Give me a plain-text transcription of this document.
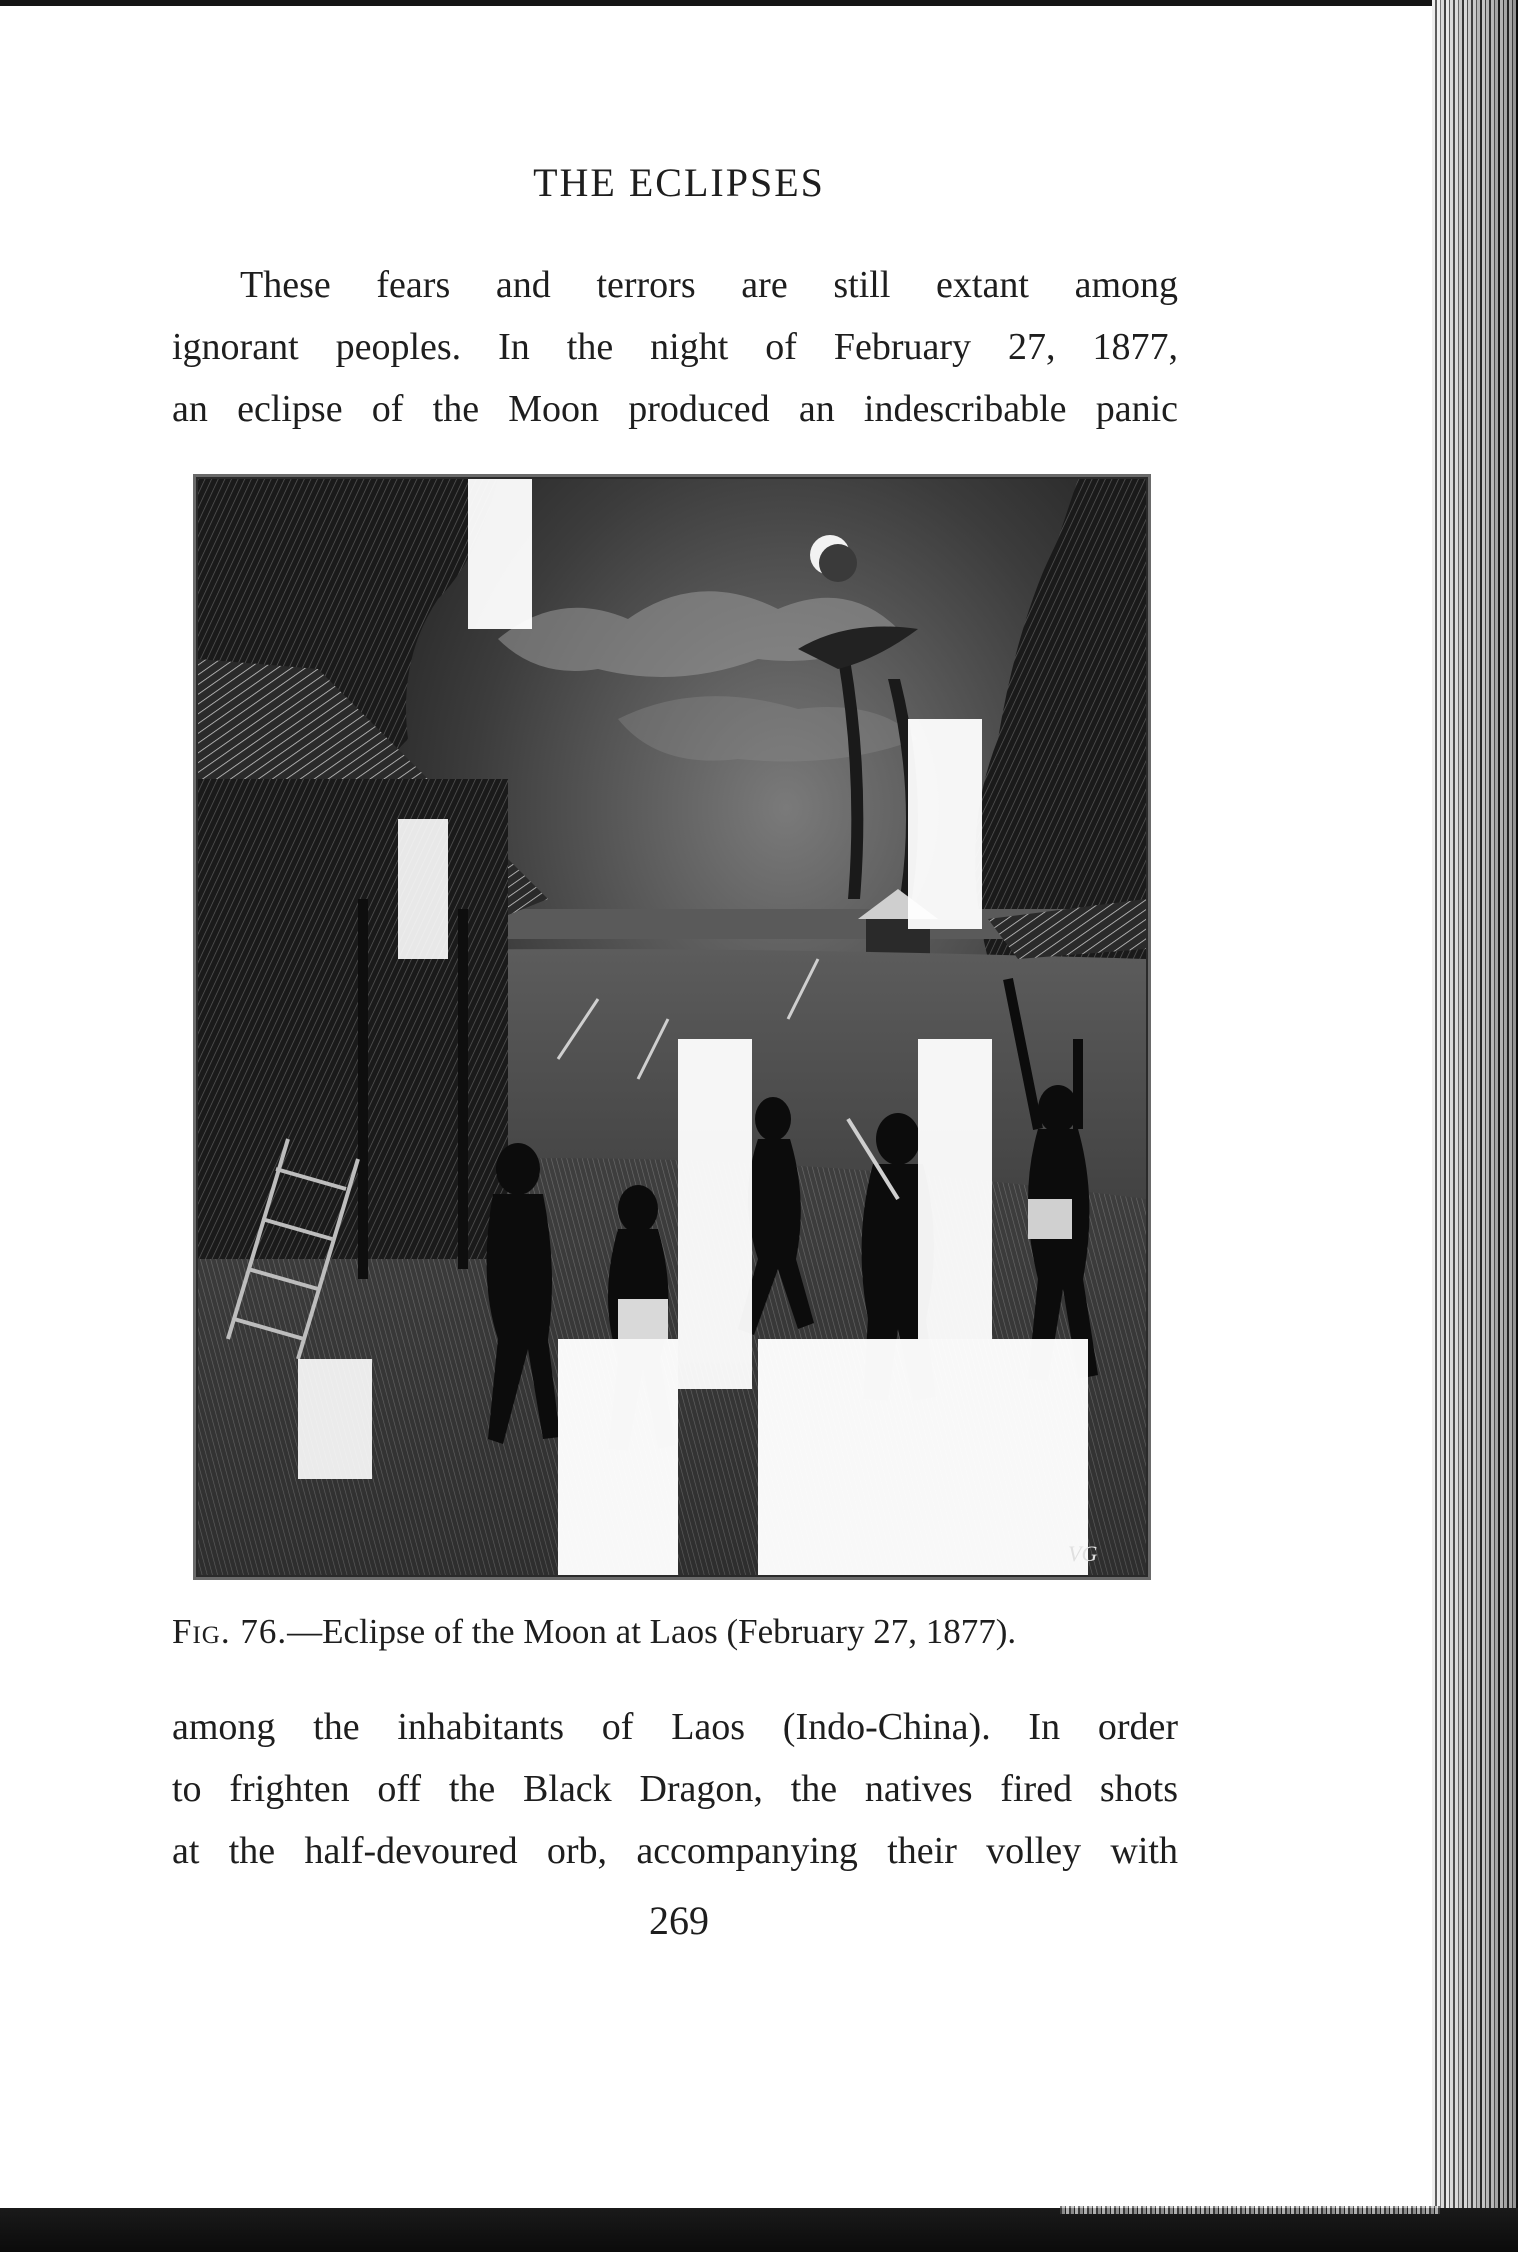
THE ECLIPSES
These fears and terrors are still extant among
ignorant peoples. In the night of February 27, 1877,
an eclipse of the Moon produced an indescribable panic
VG
Fig. 76.—Eclipse of the Moon at Laos (February 27, 1877).
among the inhabitants of Laos (Indo-China). In order
to frighten off the Black Dragon, the natives fired shots
at the half-devoured orb, accompanying their volley with
269
